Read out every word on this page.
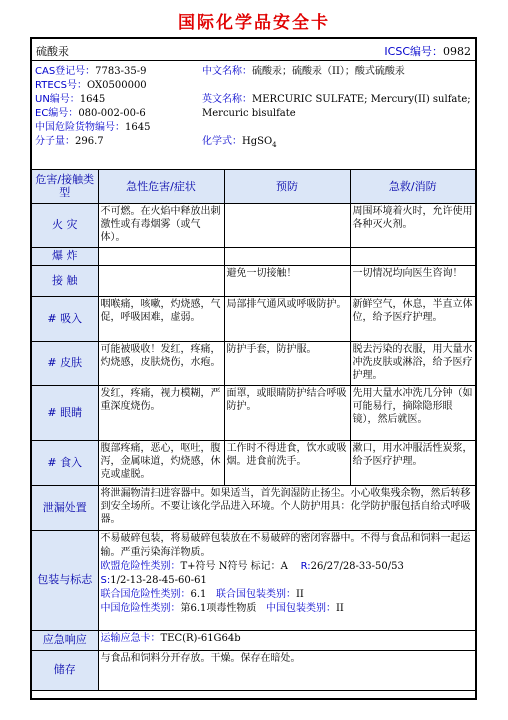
国际化学品安全卡
硫酸汞	ICSC编号：0982
CAS登记号：7783-35-9
RTECS号：OX0500000
UN编号：1645
EC编号：080-002-00-6
中国危险货物编号：1645
分子量：296.7
中文名称：硫酸汞；硫酸汞（II）；酸式硫酸汞
英文名称：MERCURIC SULFATE; Mercury(II) sulfate; Mercuric bisulfate
化学式：HgSO$_4$
危害/接触类型	急性危害/症状	预防	急救/消防
火 灾	不可燃。在火焰中释放出刺激性或有毒烟雾（或气体）。		周围环境着火时，允许使用各种灭火剂。
爆 炸			
接 触		避免一切接触！	一切情况均向医生咨询！
# 吸入	咽喉痛，咳嗽，灼烧感，气促，呼吸困难，虚弱。	局部排气通风或呼吸防护。	新鲜空气，休息，半直立体位，给予医疗护理。
# 皮肤	可能被吸收！发红，疼痛，灼烧感，皮肤烧伤，水疱。	防护手套，防护服。	脱去污染的衣服，用大量水冲洗皮肤或淋浴，给予医疗护理。
# 眼睛	发红，疼痛，视力模糊，严重深度烧伤。	面罩，或眼睛防护结合呼吸防护。	先用大量水冲洗几分钟（如可能易行，摘除隐形眼镜），然后就医。
# 食入	腹部疼痛，恶心，呕吐，腹泻，金属味道，灼烧感，休克或虚脱。	工作时不得进食，饮水或吸烟。进食前洗手。	漱口，用水冲服活性炭浆，给予医疗护理。
泄漏处置	将泄漏物清扫进容器中。如果适当，首先润湿防止扬尘。小心收集残余物，然后转移到安全场所。不要让该化学品进入环境。个人防护用具：化学防护服包括自给式呼吸器。		
包装与标志	不易破碎包装，将易破碎包装放在不易破碎的密闭容器中。不得与食品和饲料一起运输。严重污染海洋物质。
欧盟危险性类别：T+符号 N符号 标记：A R:26/27/28-33-50/53
S:1/2-13-28-45-60-61
联合国危险性类别：6.1 联合国包装类别：II
中国危险性类别：第6.1项毒性物质 中国包装类别：II		

应急响应	运输应急卡：TEC(R)-61G64b		
储存	与食品和饲料分开存放。干燥。保存在暗处。		
